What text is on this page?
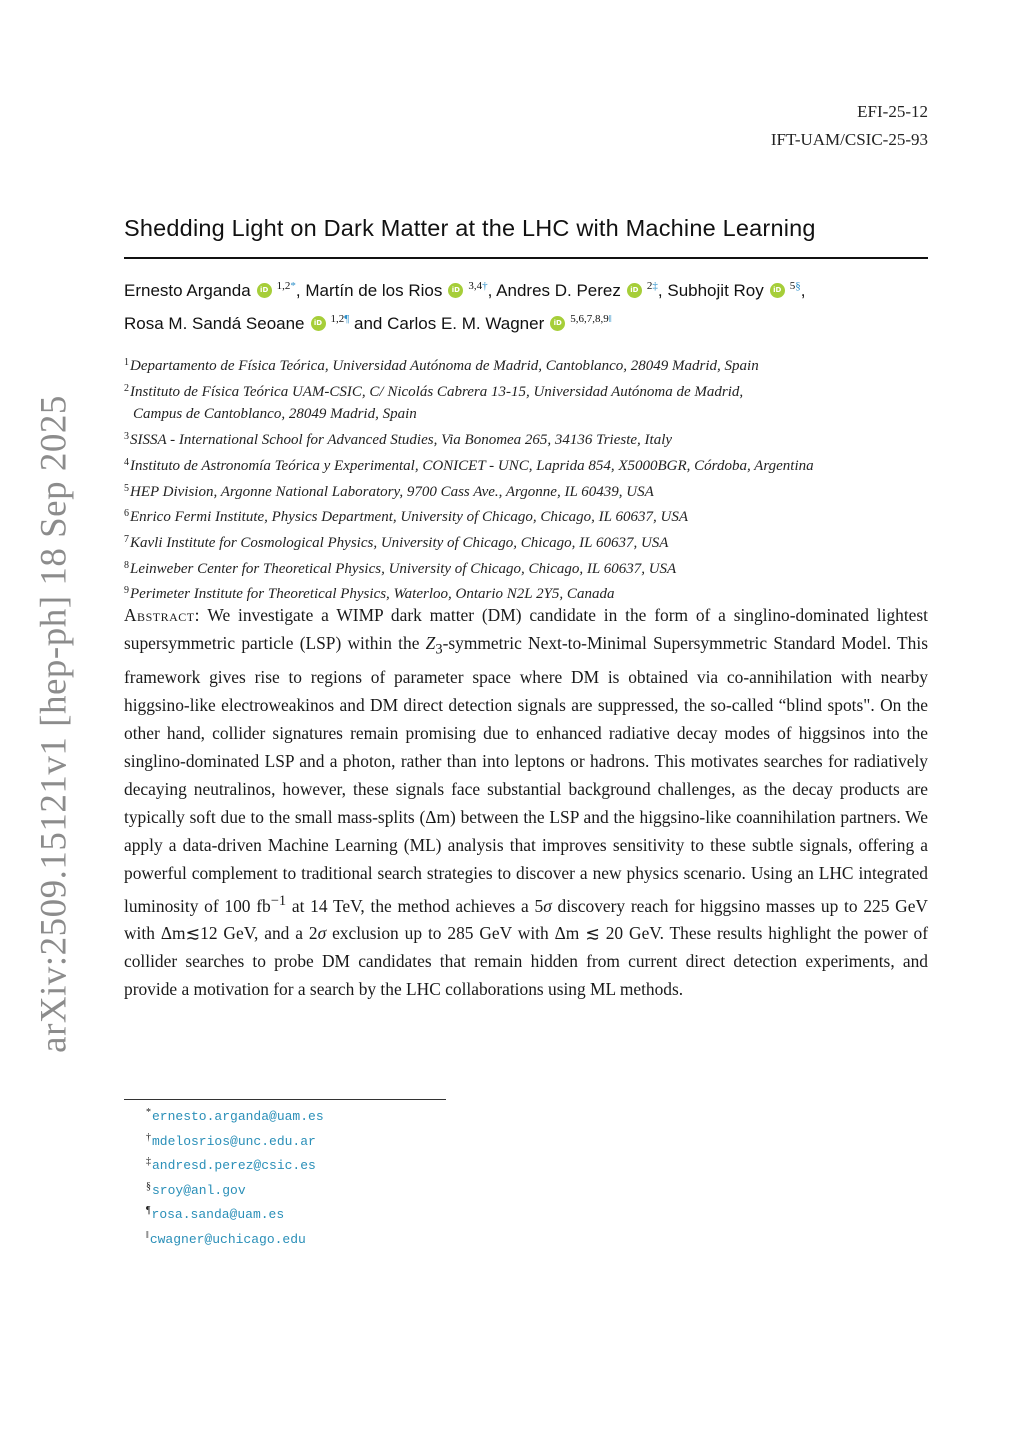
arXiv:2509.15121v1 [hep-ph] 18 Sep 2025
EFI-25-12
IFT-UAM/CSIC-25-93
Shedding Light on Dark Matter at the LHC with Machine Learning
Ernesto Arganda iD $^{1,2*}$, Martín de los Rios iD $^{3,4\dagger}$, Andres D. Perez iD $^{2\ddagger}$, Subhojit Roy iD $^{5\S}$,
Rosa M. Sandá Seoane iD $^{1,2\P}$ and Carlos E. M. Wagner iD $^{5,6,7,8,9‖}$

$^1$Departamento de Física Teórica, Universidad Autónoma de Madrid, Cantoblanco, 28049 Madrid, Spain

$^2$Instituto de Física Teórica UAM-CSIC, C/ Nicolás Cabrera 13-15, Universidad Autónoma de Madrid,

Campus de Cantoblanco, 28049 Madrid, Spain

$^3$SISSA - International School for Advanced Studies, Via Bonomea 265, 34136 Trieste, Italy

$^4$Instituto de Astronomía Teórica y Experimental, CONICET - UNC, Laprida 854, X5000BGR, Córdoba, Argentina

$^5$HEP Division, Argonne National Laboratory, 9700 Cass Ave., Argonne, IL 60439, USA

$^6$Enrico Fermi Institute, Physics Department, University of Chicago, Chicago, IL 60637, USA

$^7$Kavli Institute for Cosmological Physics, University of Chicago, Chicago, IL 60637, USA

$^8$Leinweber Center for Theoretical Physics, University of Chicago, Chicago, IL 60637, USA

$^9$Perimeter Institute for Theoretical Physics, Waterloo, Ontario N2L 2Y5, Canada

Abstract: We investigate a WIMP dark matter (DM) candidate in the form of a singlino-dominated lightest supersymmetric particle (LSP) within the $Z_3$-symmetric Next-to-Minimal Supersymmetric Standard Model. This framework gives rise to regions of parameter space where DM is obtained via co-annihilation with nearby higgsino-like electroweakinos and DM direct detection signals are suppressed, the so-called “blind spots". On the other hand, collider signatures remain promising due to enhanced radiative decay modes of higgsinos into the singlino-dominated LSP and a photon, rather than into leptons or hadrons. This motivates searches for radiatively decaying neutralinos, however, these signals face substantial background challenges, as the decay products are typically soft due to the small mass-splits (Δm) between the LSP and the higgsino-like coannihilation partners. We apply a data-driven Machine Learning (ML) analysis that improves sensitivity to these subtle signals, offering a powerful complement to traditional search strategies to discover a new physics scenario. Using an LHC integrated luminosity of 100 $fb^{-1}$ at 14 TeV, the method achieves a 5σ discovery reach for higgsino masses up to 225 GeV with Δm≲12 GeV, and a 2σ exclusion up to 285 GeV with Δm ≲ 20 GeV. These results highlight the power of collider searches to probe DM candidates that remain hidden from current direct detection experiments, and provide a motivation for a search by the LHC collaborations using ML methods.

*ernesto.arganda@uam.es

†mdelosrios@unc.edu.ar

‡andresd.perez@csic.es

§sroy@anl.gov

¶rosa.sanda@uam.es

‖cwagner@uchicago.edu
